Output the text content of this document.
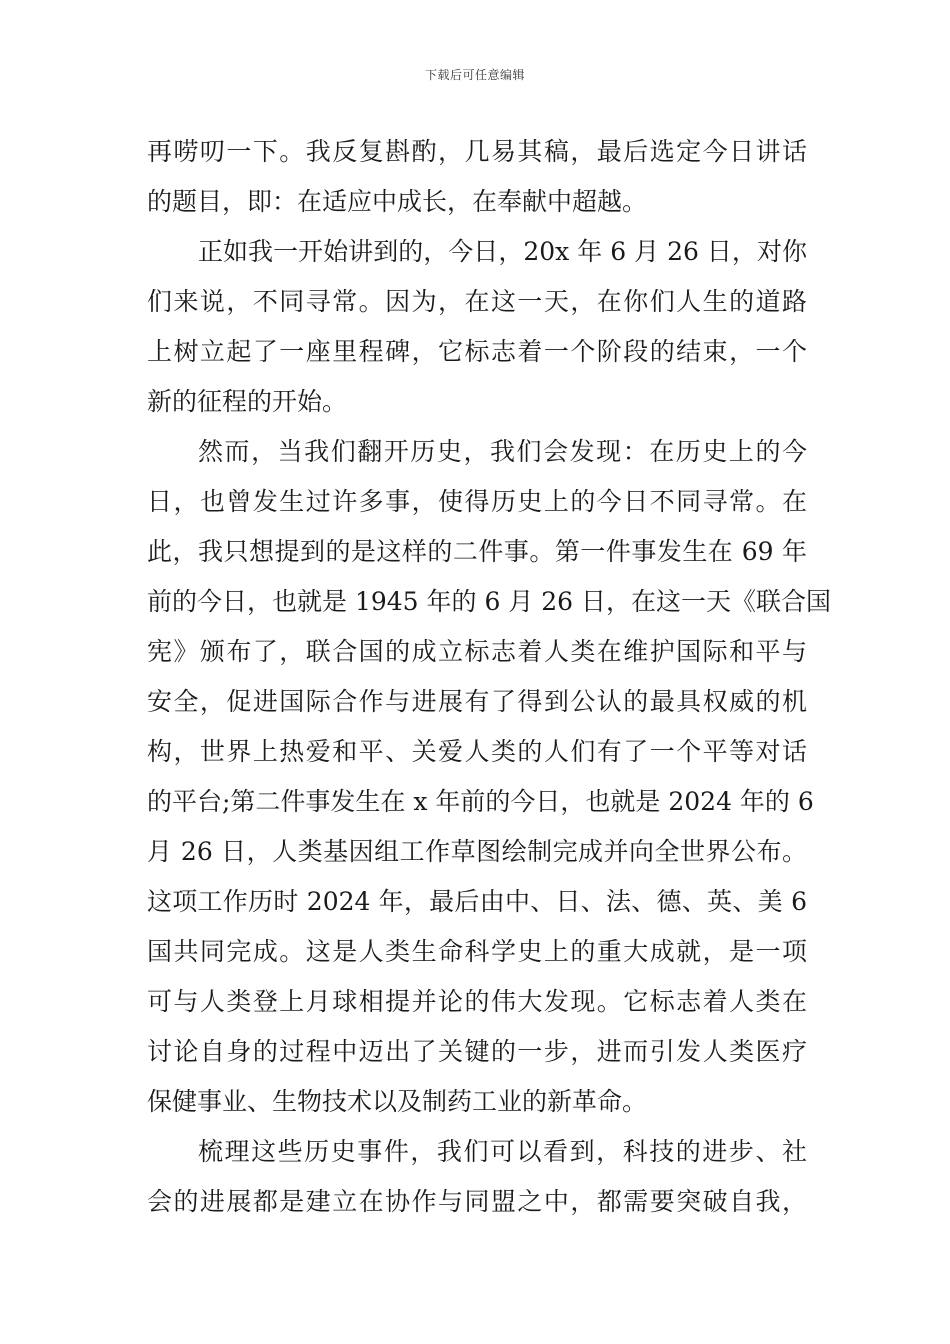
下载后可任意编辑
再唠叨一下。我反复斟酌，几易其稿，最后选定今日讲话
的题目，即：在适应中成长，在奉献中超越。
正如我一开始讲到的，今日，20x 年 6 月 26 日，对你
们来说，不同寻常。因为，在这一天，在你们人生的道路
上树立起了一座里程碑，它标志着一个阶段的结束，一个
新的征程的开始。
然而，当我们翻开历史，我们会发现：在历史上的今
日，也曾发生过许多事，使得历史上的今日不同寻常。在
此，我只想提到的是这样的二件事。第一件事发生在 69 年
前的今日，也就是 1945 年的 6 月 26 日，在这一天《联合国
宪》颁布了，联合国的成立标志着人类在维护国际和平与
安全，促进国际合作与进展有了得到公认的最具权威的机
构，世界上热爱和平、关爱人类的人们有了一个平等对话
的平台;第二件事发生在 x 年前的今日，也就是 2024 年的 6
月 26 日，人类基因组工作草图绘制完成并向全世界公布。
这项工作历时 2024 年，最后由中、日、法、德、英、美 6
国共同完成。这是人类生命科学史上的重大成就，是一项
可与人类登上月球相提并论的伟大发现。它标志着人类在
讨论自身的过程中迈出了关键的一步，进而引发人类医疗
保健事业、生物技术以及制药工业的新革命。
梳理这些历史事件，我们可以看到，科技的进步、社
会的进展都是建立在协作与同盟之中，都需要突破自我，
